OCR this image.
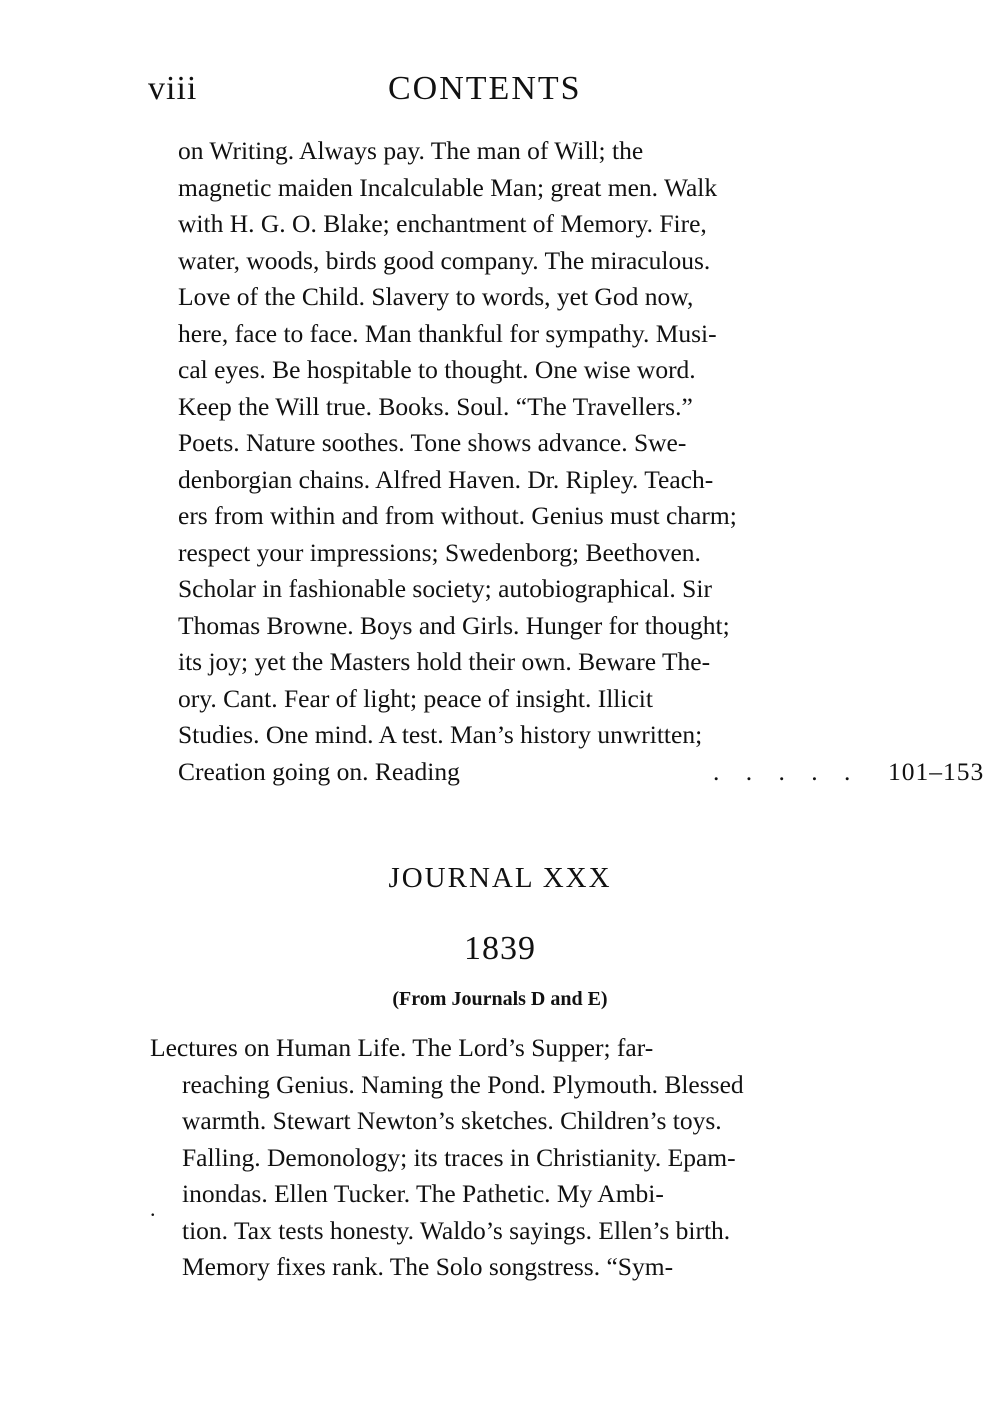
viii	CONTENTS
on Writing. Always pay. The man of Will; the
magnetic maiden Incalculable Man; great men. Walk
with H. G. O. Blake; enchantment of Memory. Fire,
water, woods, birds good company. The miraculous.
Love of the Child. Slavery to words, yet God now,
here, face to face. Man thankful for sympathy. Musi-
cal eyes. Be hospitable to thought. One wise word.
Keep the Will true. Books. Soul. “The Travellers.”
Poets. Nature soothes. Tone shows advance. Swe-
denborgian chains. Alfred Haven. Dr. Ripley. Teach-
ers from within and from without. Genius must charm;
respect your impressions; Swedenborg; Beethoven.
Scholar in fashionable society; autobiographical. Sir
Thomas Browne. Boys and Girls. Hunger for thought;
its joy; yet the Masters hold their own. Beware The-
ory. Cant. Fear of light; peace of insight. Illicit
Studies. One mind. A test. Man’s history unwritten;
Creation going on. Reading	. . . . . 101–153
JOURNAL XXX
1839
(From Journals D and E)
Lectures on Human Life. The Lord’s Supper; far-
reaching Genius. Naming the Pond. Plymouth. Blessed
warmth. Stewart Newton’s sketches. Children’s toys.
Falling. Demonology; its traces in Christianity. Epam-
inondas. Ellen Tucker. The Pathetic. My Ambi-
tion. Tax tests honesty. Waldo’s sayings. Ellen’s birth.
Memory fixes rank. The Solo songstress. “Sym-
.
